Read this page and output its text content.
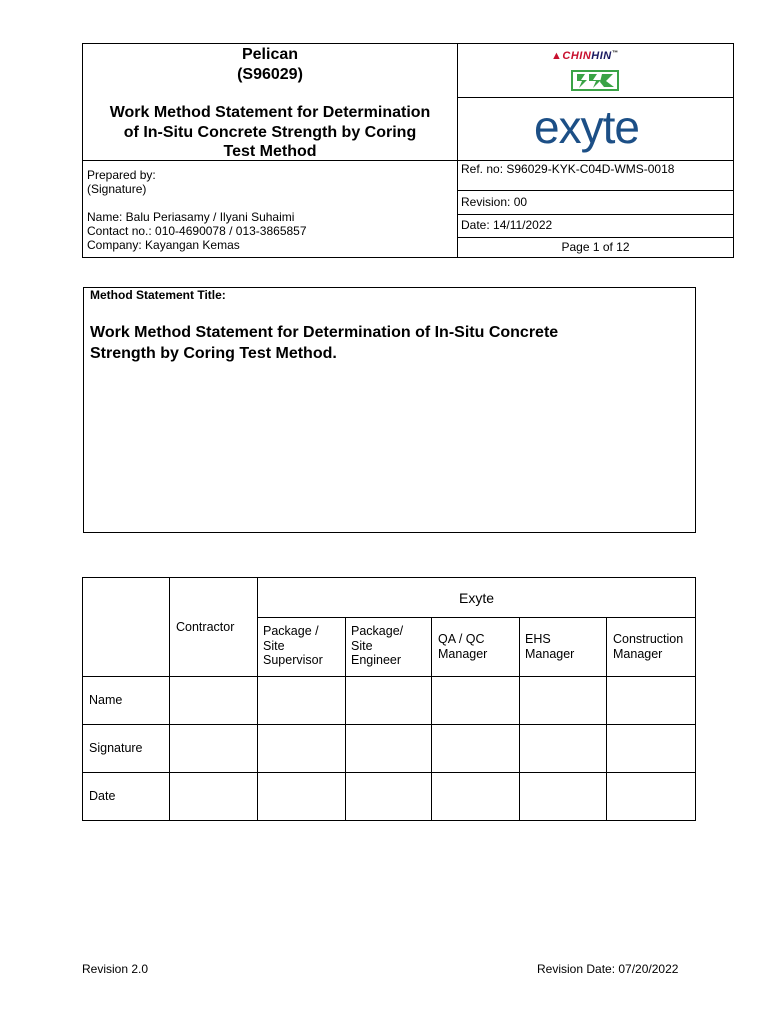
Pelican
(S96029)
Work Method Statement for Determination
of In-Situ Concrete Strength by Coring
Test Method
Prepared by:
(Signature)
Name: Balu Periasamy / Ilyani Suhaimi
Contact no.: 010-4690078 / 013-3865857
Company: Kayangan Kemas
Ref. no: S96029-KYK-C04D-WMS-0018
Revision: 00
Date: 14/11/2022
Page 1 of 12
▲CHINHIN™
exyte
Method Statement Title:
Work Method Statement for Determination of In-Situ Concrete
Strength by Coring Test Method.
Contractor
Exyte
Package /
Site
Supervisor
Package/
Site
Engineer
QA / QC
Manager
EHS
Manager
Construction
Manager
Name
Signature
Date
Revision 2.0	Revision Date: 07/20/2022
